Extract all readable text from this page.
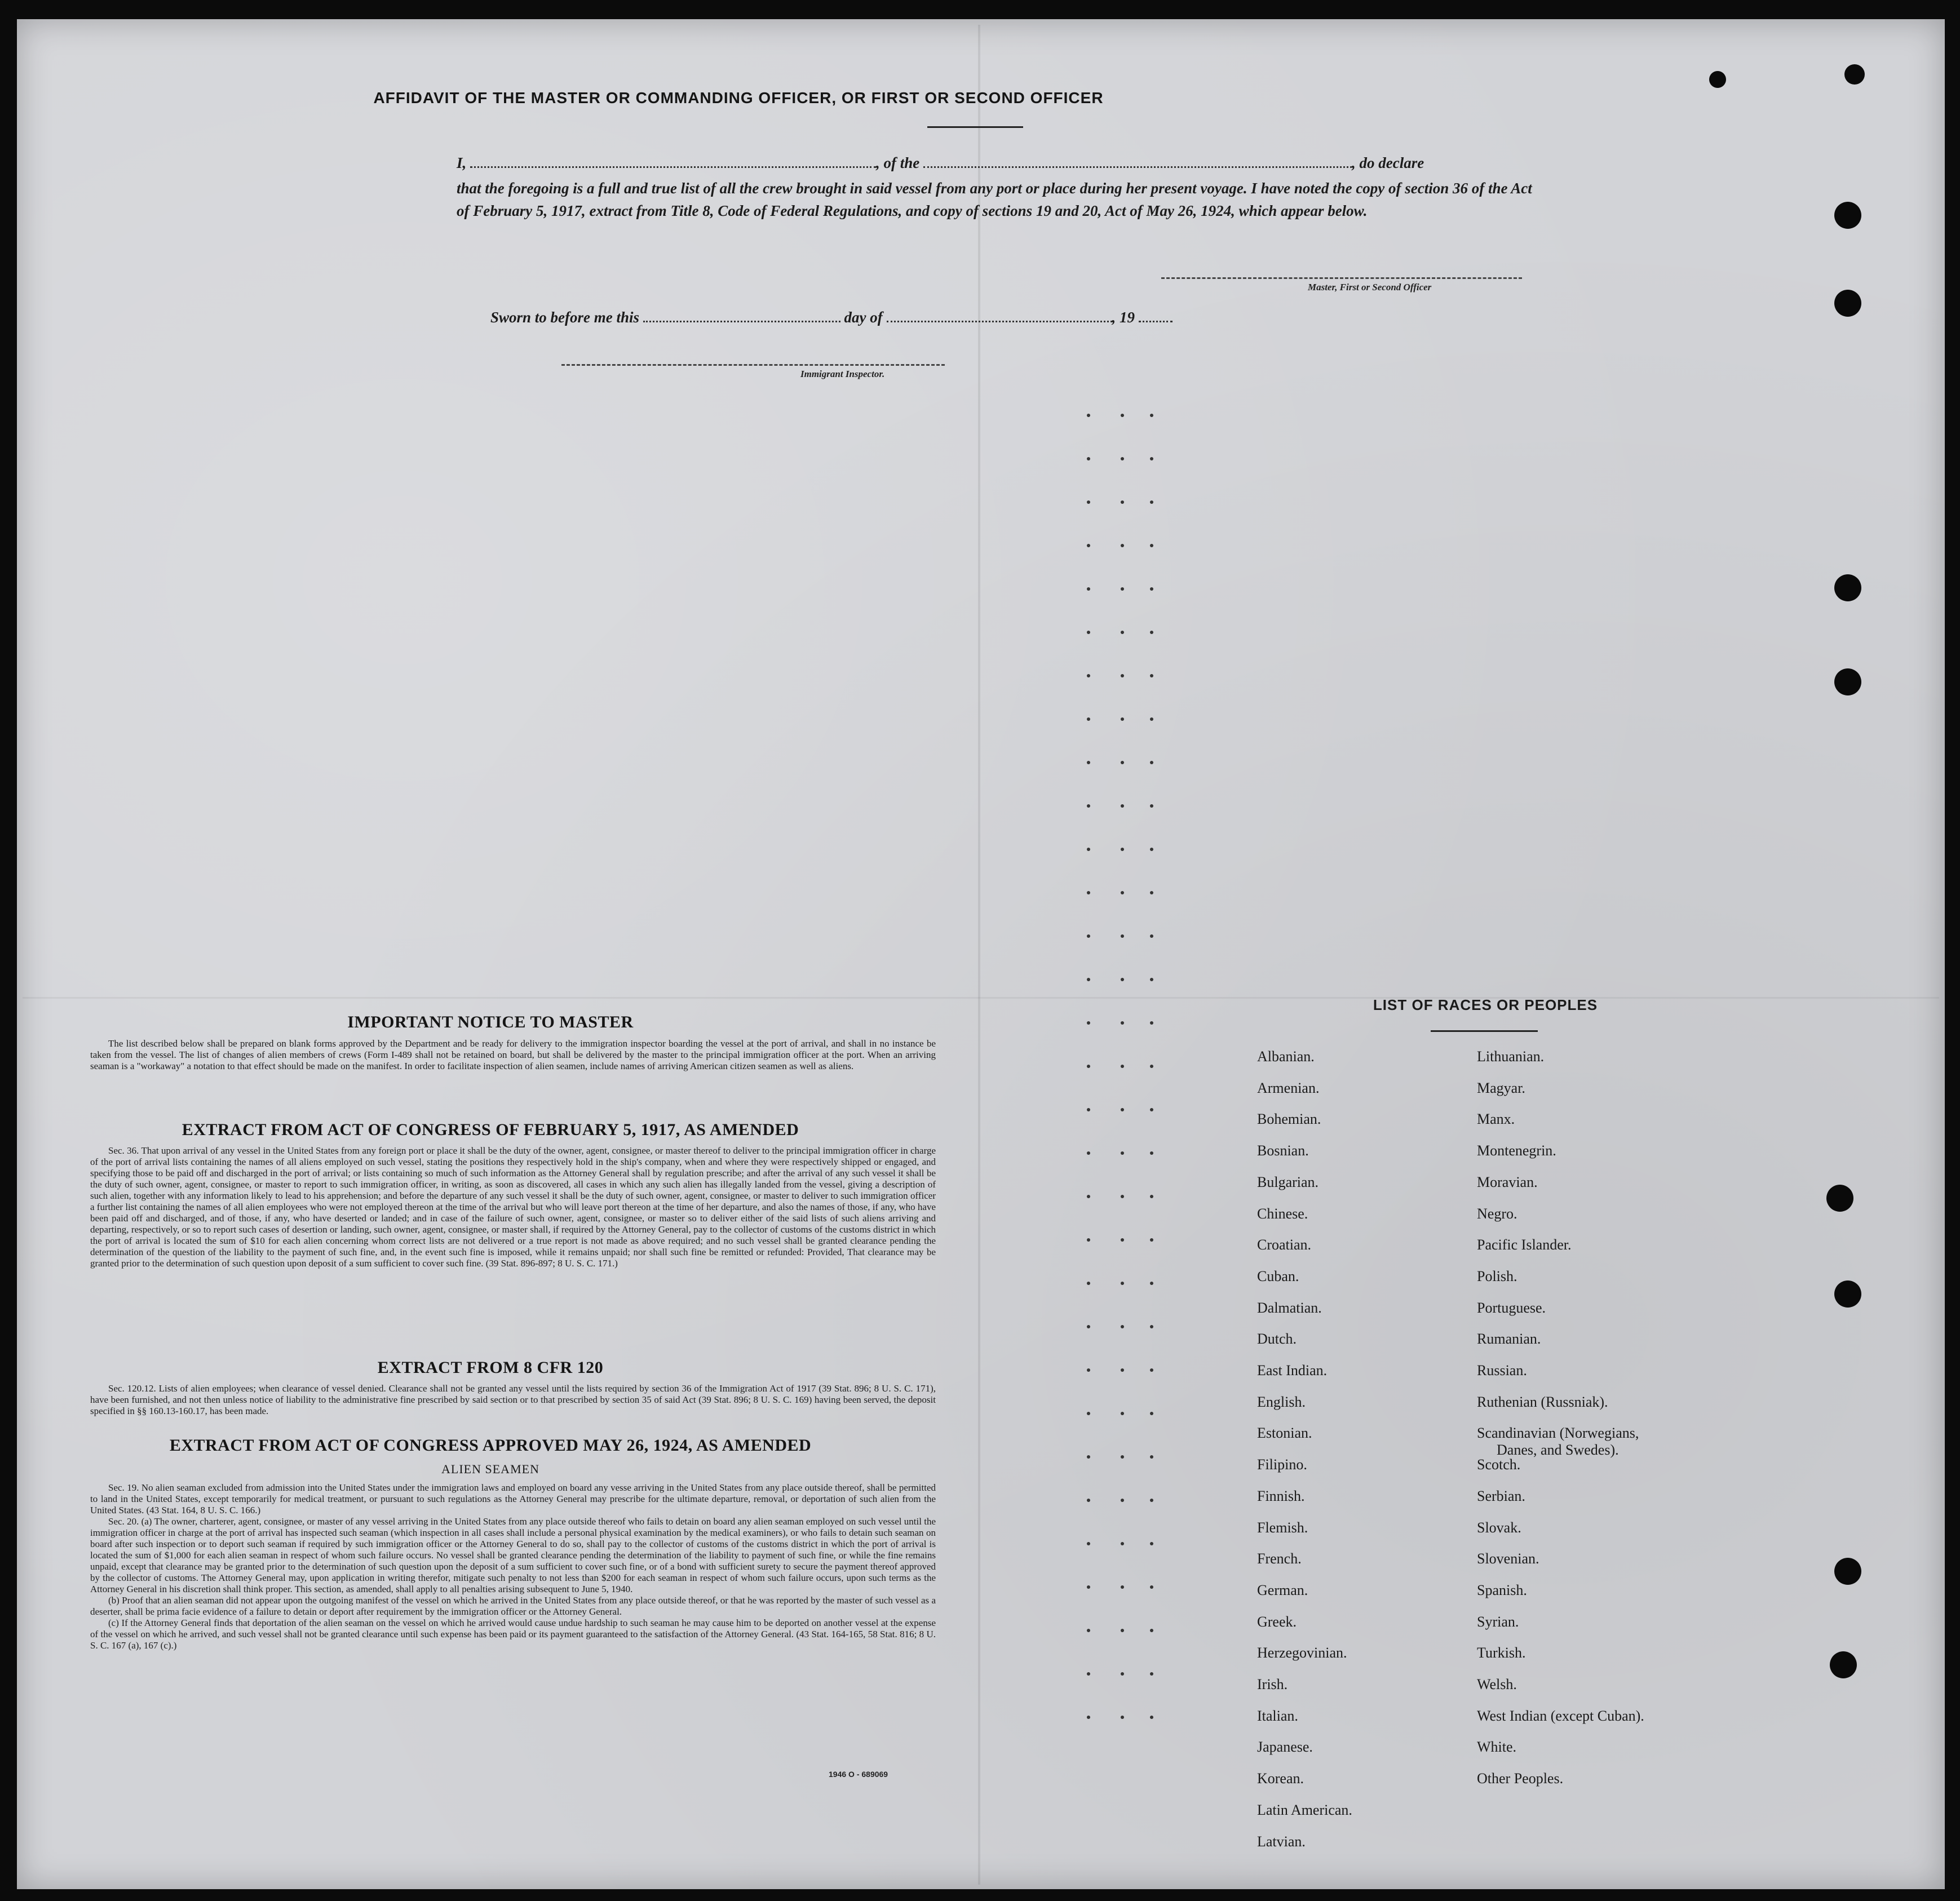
AFFIDAVIT OF THE MASTER OR COMMANDING OFFICER, OR FIRST OR SECOND OFFICER
I,	, of the	, do declare
that the foregoing is a full and true list of all the crew brought in said vessel from any port or place during her present voyage. I have noted the copy of section 36 of the Act of February 5, 1917, extract from Title 8, Code of Federal Regulations, and copy of sections 19 and 20, Act of May 26, 1924, which appear below.
Master, First or Second Officer
Sworn to before me this	day of	, 19
Immigrant Inspector.
IMPORTANT NOTICE TO MASTER

The list described below shall be prepared on blank forms approved by the Department and be ready for delivery to the immigration inspector boarding the vessel at the port of arrival, and shall in no instance be taken from the vessel. The list of changes of alien members of crews (Form I-489 shall not be retained on board, but shall be delivered by the master to the principal immigration officer at the port. When an arriving seaman is a "workaway" a notation to that effect should be made on the manifest. In order to facilitate inspection of alien seamen, include names of arriving American citizen seamen as well as aliens.

EXTRACT FROM ACT OF CONGRESS OF FEBRUARY 5, 1917, AS AMENDED

Sec. 36. That upon arrival of any vessel in the United States from any foreign port or place it shall be the duty of the owner, agent, consignee, or master thereof to deliver to the principal immigration officer in charge of the port of arrival lists containing the names of all aliens employed on such vessel, stating the positions they respectively hold in the ship's company, when and where they were respectively shipped or engaged, and specifying those to be paid off and discharged in the port of arrival; or lists containing so much of such information as the Attorney General shall by regulation prescribe; and after the arrival of any such vessel it shall be the duty of such owner, agent, consignee, or master to report to such immigration officer, in writing, as soon as discovered, all cases in which any such alien has illegally landed from the vessel, giving a description of such alien, together with any information likely to lead to his apprehension; and before the departure of any such vessel it shall be the duty of such owner, agent, consignee, or master to deliver to such immigration officer a further list containing the names of all alien employees who were not employed thereon at the time of the arrival but who will leave port thereon at the time of her departure, and also the names of those, if any, who have been paid off and discharged, and of those, if any, who have deserted or landed; and in case of the failure of such owner, agent, consignee, or master so to deliver either of the said lists of such aliens arriving and departing, respectively, or so to report such cases of desertion or landing, such owner, agent, consignee, or master shall, if required by the Attorney General, pay to the collector of customs of the customs district in which the port of arrival is located the sum of $10 for each alien concerning whom correct lists are not delivered or a true report is not made as above required; and no such vessel shall be granted clearance pending the determination of the question of the liability to the payment of such fine, and, in the event such fine is imposed, while it remains unpaid; nor shall such fine be remitted or refunded: Provided, That clearance may be granted prior to the determination of such question upon deposit of a sum sufficient to cover such fine. (39 Stat. 896-897; 8 U. S. C. 171.)

EXTRACT FROM 8 CFR 120

Sec. 120.12. Lists of alien employees; when clearance of vessel denied. Clearance shall not be granted any vessel until the lists required by section 36 of the Immigration Act of 1917 (39 Stat. 896; 8 U. S. C. 171), have been furnished, and not then unless notice of liability to the administrative fine prescribed by said section or to that prescribed by section 35 of said Act (39 Stat. 896; 8 U. S. C. 169) having been served, the deposit specified in §§ 160.13-160.17, has been made.

EXTRACT FROM ACT OF CONGRESS APPROVED MAY 26, 1924, AS AMENDED
ALIEN SEAMEN

Sec. 19. No alien seaman excluded from admission into the United States under the immigration laws and employed on board any vesse arriving in the United States from any place outside thereof, shall be permitted to land in the United States, except temporarily for medical treatment, or pursuant to such regulations as the Attorney General may prescribe for the ultimate departure, removal, or deportation of such alien from the United States. (43 Stat. 164, 8 U. S. C. 166.)

Sec. 20. (a) The owner, charterer, agent, consignee, or master of any vessel arriving in the United States from any place outside thereof who fails to detain on board any alien seaman employed on such vessel until the immigration officer in charge at the port of arrival has inspected such seaman (which inspection in all cases shall include a personal physical examination by the medical examiners), or who fails to detain such seaman on board after such inspection or to deport such seaman if required by such immigration officer or the Attorney General to do so, shall pay to the collector of customs of the customs district in which the port of arrival is located the sum of $1,000 for each alien seaman in respect of whom such failure occurs. No vessel shall be granted clearance pending the determination of the liability to payment of such fine, or while the fine remains unpaid, except that clearance may be granted prior to the determination of such question upon the deposit of a sum sufficient to cover such fine, or of a bond with sufficient surety to secure the payment thereof approved by the collector of customs. The Attorney General may, upon application in writing therefor, mitigate such penalty to not less than $200 for each seaman in respect of whom such failure occurs, upon such terms as the Attorney General in his discretion shall think proper. This section, as amended, shall apply to all penalties arising subsequent to June 5, 1940.

(b) Proof that an alien seaman did not appear upon the outgoing manifest of the vessel on which he arrived in the United States from any place outside thereof, or that he was reported by the master of such vessel as a deserter, shall be prima facie evidence of a failure to detain or deport after requirement by the immigration officer or the Attorney General.

(c) If the Attorney General finds that deportation of the alien seaman on the vessel on which he arrived would cause undue hardship to such seaman he may cause him to be deported on another vessel at the expense of the vessel on which he arrived, and such vessel shall not be granted clearance until such expense has been paid or its payment guaranteed to the satisfaction of the Attorney General. (43 Stat. 164-165, 58 Stat. 816; 8 U. S. C. 167 (a), 167 (c).)

1946 O - 689069
LIST OF RACES OR PEOPLES
Albanian.
Armenian.
Bohemian.
Bosnian.
Bulgarian.
Chinese.
Croatian.
Cuban.
Dalmatian.
Dutch.
East Indian.
English.
Estonian.
Filipino.
Finnish.
Flemish.
French.
German.
Greek.
Herzegovinian.
Irish.
Italian.
Japanese.
Korean.
Latin American.
Latvian.
Lithuanian.
Magyar.
Manx.
Montenegrin.
Moravian.
Negro.
Pacific Islander.
Polish.
Portuguese.
Rumanian.
Russian.
Ruthenian (Russniak).
Scandinavian (Norwegians,
Danes, and Swedes).
Scotch.
Serbian.
Slovak.
Slovenian.
Spanish.
Syrian.
Turkish.
Welsh.
West Indian (except Cuban).
White.
Other Peoples.
